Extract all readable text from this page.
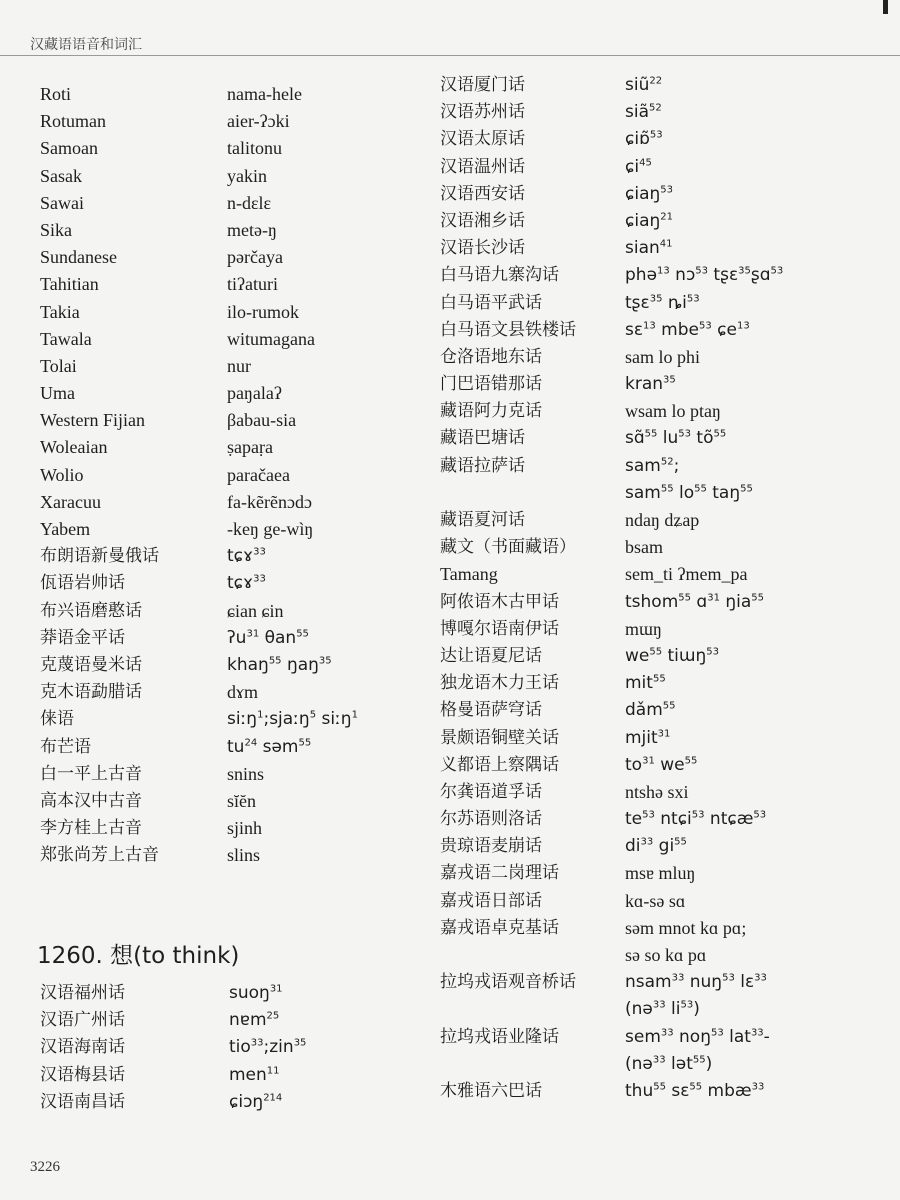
汉藏语语音和词汇
Roti	nama-hele
Rotuman	aier-ʔɔki
Samoan	talitonu
Sasak	yakin
Sawai	n-dɛlɛ
Sika	metə-ŋ
Sundanese	pərčaya
Tahitian	tiʔaturi
Takia	ilo-rumok
Tawala	witumagana
Tolai	nur
Uma	paŋalaʔ
Western Fijian	βabau-sia
Woleaian	ṣapaṛa
Wolio	paračaea
Xaracuu	fa-kẽrẽnɔdɔ
Yabem	-keŋ ge-wìŋ
布朗语新曼俄话	tɕɤ$^{33}$
佤语岩帅话	tɕɤ$^{33}$
布兴语磨憨话	ɕian ɕin
莽语金平话	ʔu$^{31}$ θan$^{55}$
克蔑语曼米话	khaŋ$^{55}$ ŋaŋ$^{35}$
克木语勐腊话	dɤm
俫语	siːŋ$^1$;sjaːŋ$^5$ siːŋ$^1$
布芒语	$tu^{24}$ səm$^{55}$
白一平上古音	snins
高本汉中古音	sĭĕn
李方桂上古音	sjinh
郑张尚芳上古音	slins
1260. 想(to think)
汉语福州话	suoŋ$^{31}$
汉语广州话	nɐm$^{25}$
汉语海南话	tio$^{33}$;zin$^{35}$
汉语梅县话	men$^{11}$
汉语南昌话	ɕiɔŋ$^{214}$
汉语厦门话	siũ$^{22}$
汉语苏州话	siã$^{52}$
汉语太原话	ɕiɒ̃$^{53}$
汉语温州话	ɕi$^{45}$
汉语西安话	ɕiaŋ$^{53}$
汉语湘乡话	ɕiaŋ$^{21}$
汉语长沙话	sian$^{41}$
白马语九寨沟话	phə$^{13}$ nɔ$^{53}$ tʂɛ$^{35}$ʂɑ$^{53}$
白马语平武话	tʂɛ$^{35}$ $ȵi^{53}$
白马语文县铁楼话	sɛ$^{13}$ mbe$^{53}$ ɕe$^{13}$
仓洛语地东话	sam lo phi
门巴语错那话	kran$^{35}$
藏语阿力克话	wsam lo ptaŋ
藏语巴塘话	sɑ̃$^{55}$ $lu^{53}$ $tõ^{55}$
藏语拉萨话	sam$^{52}$;
sam$^{55}$ $lo^{55}$ taŋ$^{55}$
藏语夏河话	ndaŋ dʑap
藏文（书面藏语）	bsam
Tamang	sem_ti ʔmem_pa
阿侬语木古甲话	tshom$^{55}$ ɑ$^{31}$ ŋia$^{55}$
博嘎尔语南伊话	mɯŋ
达让语夏尼话	$we^{55}$ tiɯŋ$^{53}$
独龙语木力王话	mit$^{55}$
格曼语萨穹话	dǎm$^{55}$
景颇语铜壁关话	mjit$^{31}$
义都语上察隅话	$to^{31}$ $we^{55}$
尔龚语道孚话	ntshə sxi
尔苏语则洛话	$te^{53}$ ntɕi$^{53}$ ntɕæ$^{53}$
贵琼语麦崩话	$di^{33}$ $gi^{55}$
嘉戎语二岗理话	msɐ mluŋ
嘉戎语日部话	kɑ-sə sɑ
嘉戎语卓克基话	səm mnot kɑ pɑ;
sə so kɑ pɑ
拉坞戎语观音桥话	nsam$^{33}$ nuŋ$^{53}$ lɛ$^{33}$
(nə$^{33}$ $li^{53}$)
拉坞戎语业隆话	sem$^{33}$ noŋ$^{53}$ lat$^{33}$-
(nə$^{33}$ lət$^{55}$)
木雅语六巴话	thu$^{55}$ sɛ$^{55}$ mbæ$^{33}$
3226
